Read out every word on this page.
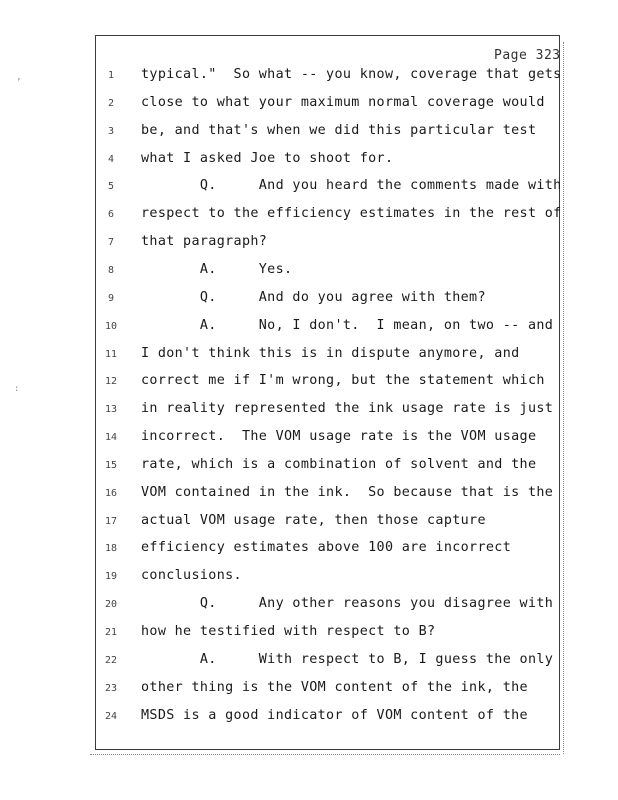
Page 323
1	typical."  So what -- you know, coverage that gets
2	close to what your maximum normal coverage would
3	be, and that's when we did this particular test
4	what I asked Joe to shoot for.
5	Q.     And you heard the comments made with
6	respect to the efficiency estimates in the rest of
7	that paragraph?
8	A.     Yes.
9	Q.     And do you agree with them?
10	A.     No, I don't.  I mean, on two -- and
11	I don't think this is in dispute anymore, and
12	correct me if I'm wrong, but the statement which
13	in reality represented the ink usage rate is just
14	incorrect.  The VOM usage rate is the VOM usage
15	rate, which is a combination of solvent and the
16	VOM contained in the ink.  So because that is the
17	actual VOM usage rate, then those capture
18	efficiency estimates above 100 are incorrect
19	conclusions.
20	Q.     Any other reasons you disagree with
21	how he testified with respect to B?
22	A.     With respect to B, I guess the only
23	other thing is the VOM content of the ink, the
24	MSDS is a good indicator of VOM content of the
’
:
